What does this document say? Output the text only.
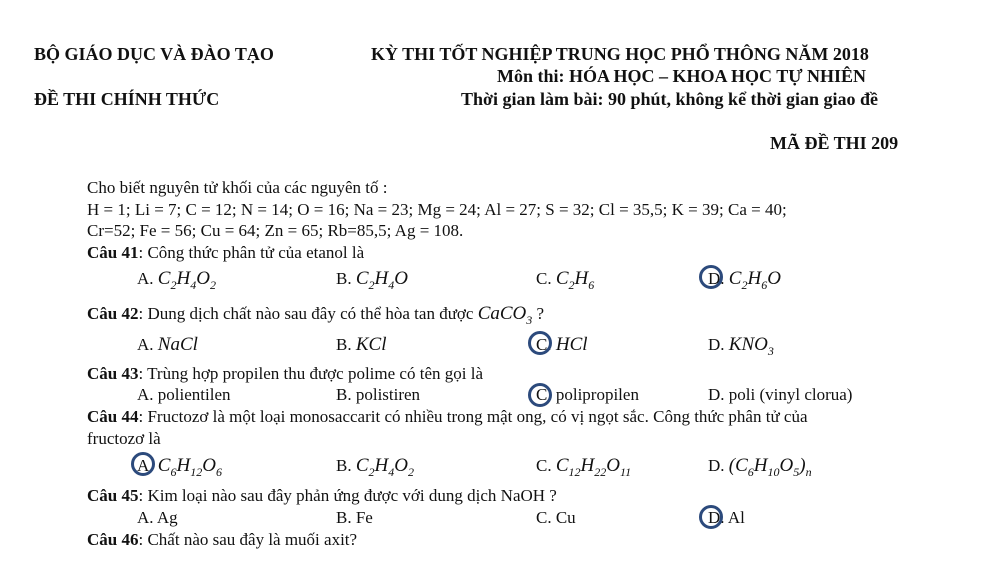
BỘ GIÁO DỤC VÀ ĐÀO TẠO
ĐỀ THI CHÍNH THỨC
KỲ THI TỐT NGHIỆP TRUNG HỌC PHỔ THÔNG NĂM 2018
Môn thi: HÓA HỌC – KHOA HỌC TỰ NHIÊN
Thời gian làm bài: 90 phút, không kể thời gian giao đề
MÃ ĐỀ THI 209
Cho biết nguyên tử khối của các nguyên tố :
H = 1; Li = 7; C = 12; N = 14; O = 16; Na = 23; Mg = 24; Al = 27; S = 32; Cl = 35,5; K = 39; Ca = 40;
Cr=52; Fe = 56; Cu = 64; Zn = 65; Rb=85,5; Ag = 108.
Câu 41: Công thức phân tử của etanol là
A. $C_2H_4O_2$	B. $C_2H_4O$	C. $C_2H_6$	D. $C_2H_6O$
Câu 42: Dung dịch chất nào sau đây có thể hòa tan được CaCO$_3$ ?
A. NaCl	B. KCl	C. HCl	D. $KNO_3$
Câu 43: Trùng hợp propilen thu được polime có tên gọi là
A. polientilen	B. polistiren	C. polipropilen	D. poli (vinyl clorua)
Câu 44: Fructozơ là một loại monosaccarit có nhiều trong mật ong, có vị ngọt sắc. Công thức phân tử của
fructozơ là
A. $C_6H_{12}O_6$	B. $C_2H_4O_2$	C. $C_{12}H_{22}O_{11}$	D. $(C_6H_{10}O_5)_n$
Câu 45: Kim loại nào sau đây phản ứng được với dung dịch NaOH ?
A. Ag	B. Fe	C. Cu	D. Al
Câu 46: Chất nào sau đây là muối axit?
